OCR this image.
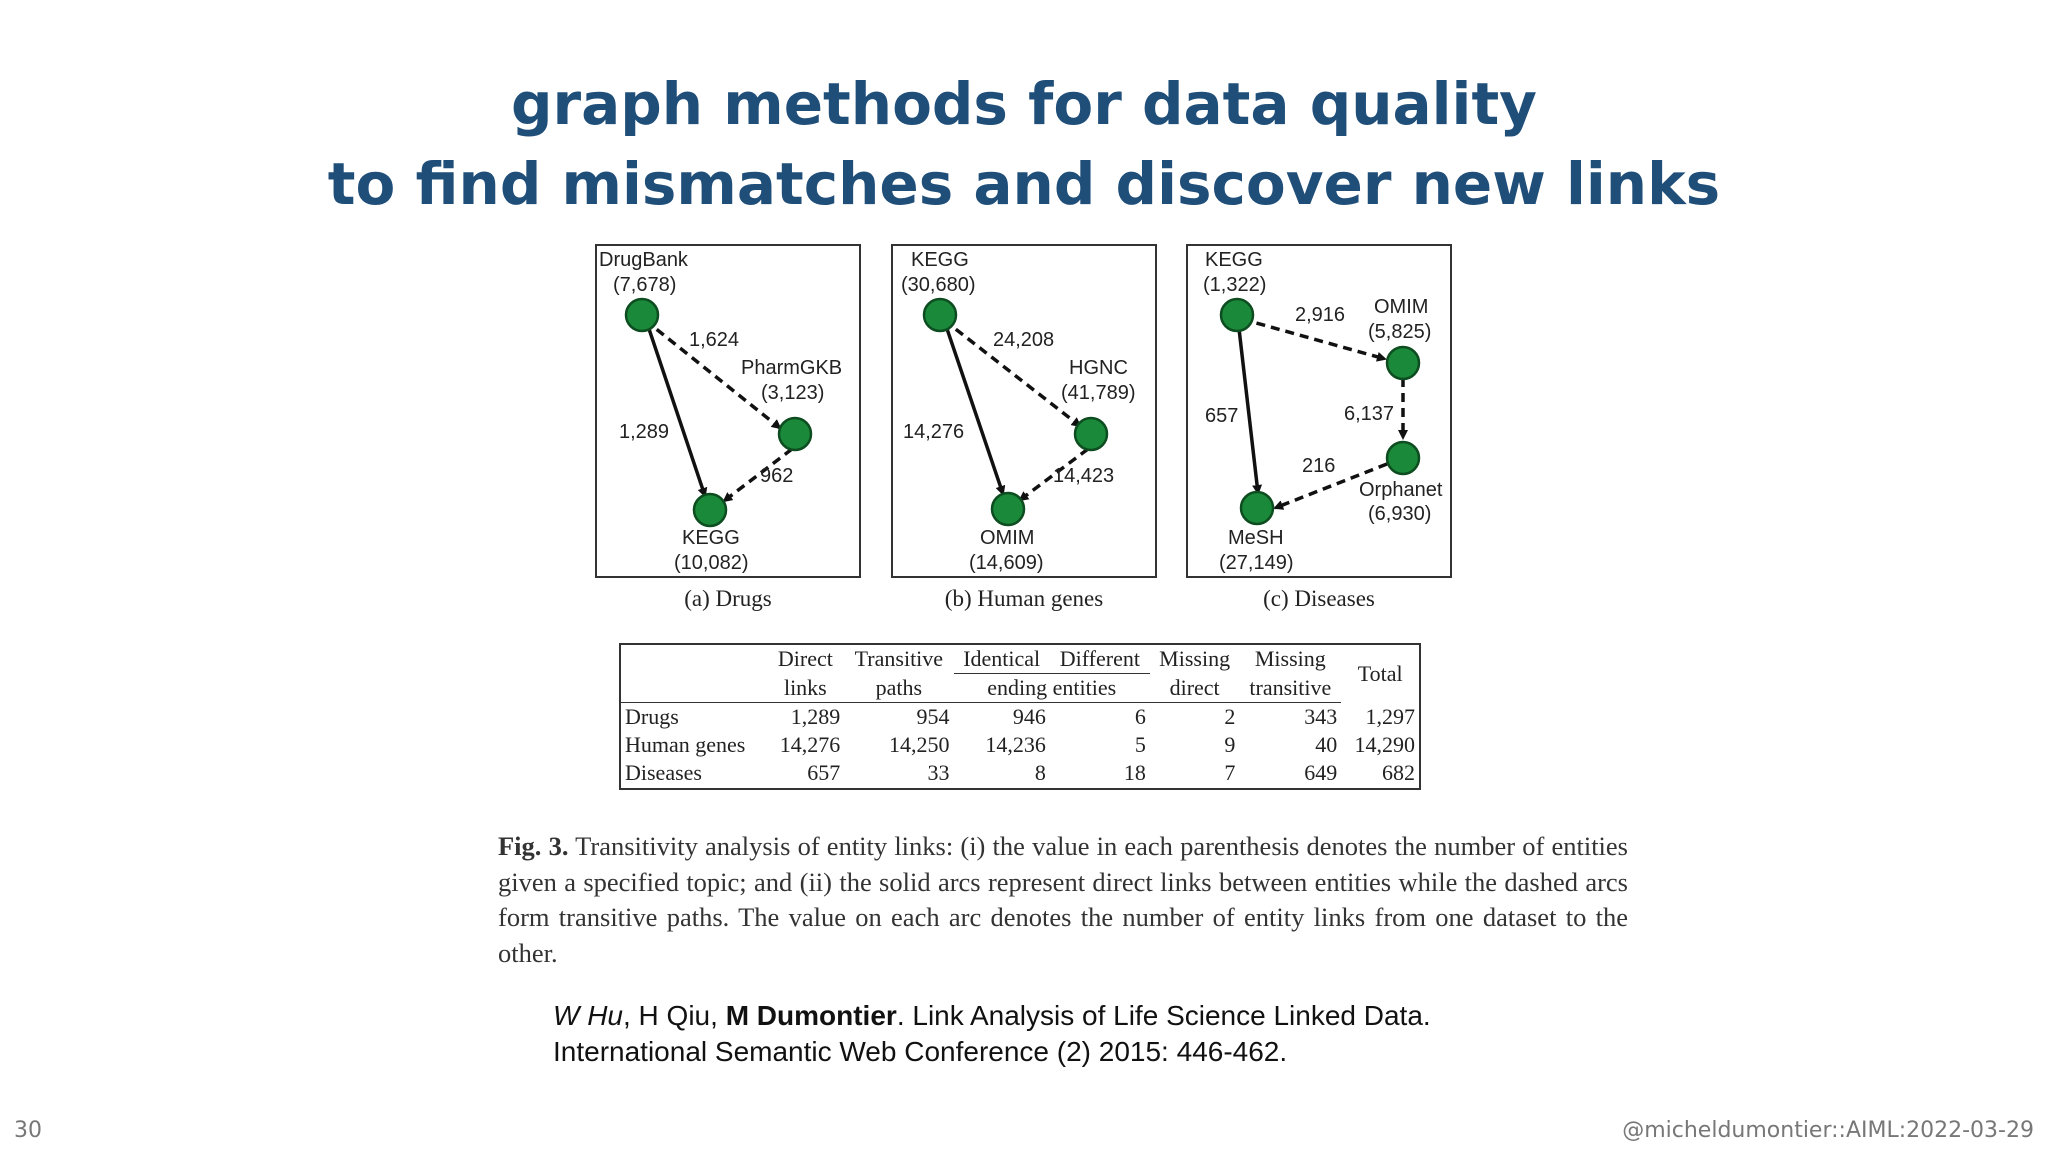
graph methods for data quality
to find mismatches and discover new links
DrugBank
(7,678)
PharmGKB
(3,123)
KEGG
(10,082)
1,624
1,289
962
(a) Drugs
KEGG
(30,680)
HGNC
(41,789)
OMIM
(14,609)
24,208
14,276
14,423
(b) Human genes
KEGG
(1,322)
OMIM
(5,825)
Orphanet
(6,930)
MeSH
(27,149)
2,916
6,137
216
657
(c) Diseases
	Direct	Transitive	Identical	Different	Missing	Missing	Total
	links	paths	ending entities		direct	transitive	
Drugs	1,289	954	946	6	2	343	1,297
Human genes	14,276	14,250	14,236	5	9	40	14,290
Diseases	657	33	8	18	7	649	682

Fig. 3. Transitivity analysis of entity links: (i) the value in each parenthesis denotes the number of entities given a specified topic; and (ii) the solid arcs represent direct links between entities while the dashed arcs form transitive paths. The value on each arc denotes the number of entity links from one dataset to the other.

W Hu, H Qiu, M Dumontier. Link Analysis of Life Science Linked Data.
International Semantic Web Conference (2) 2015: 446-462.
30	@micheldumontier::AIML:2022-03-29
